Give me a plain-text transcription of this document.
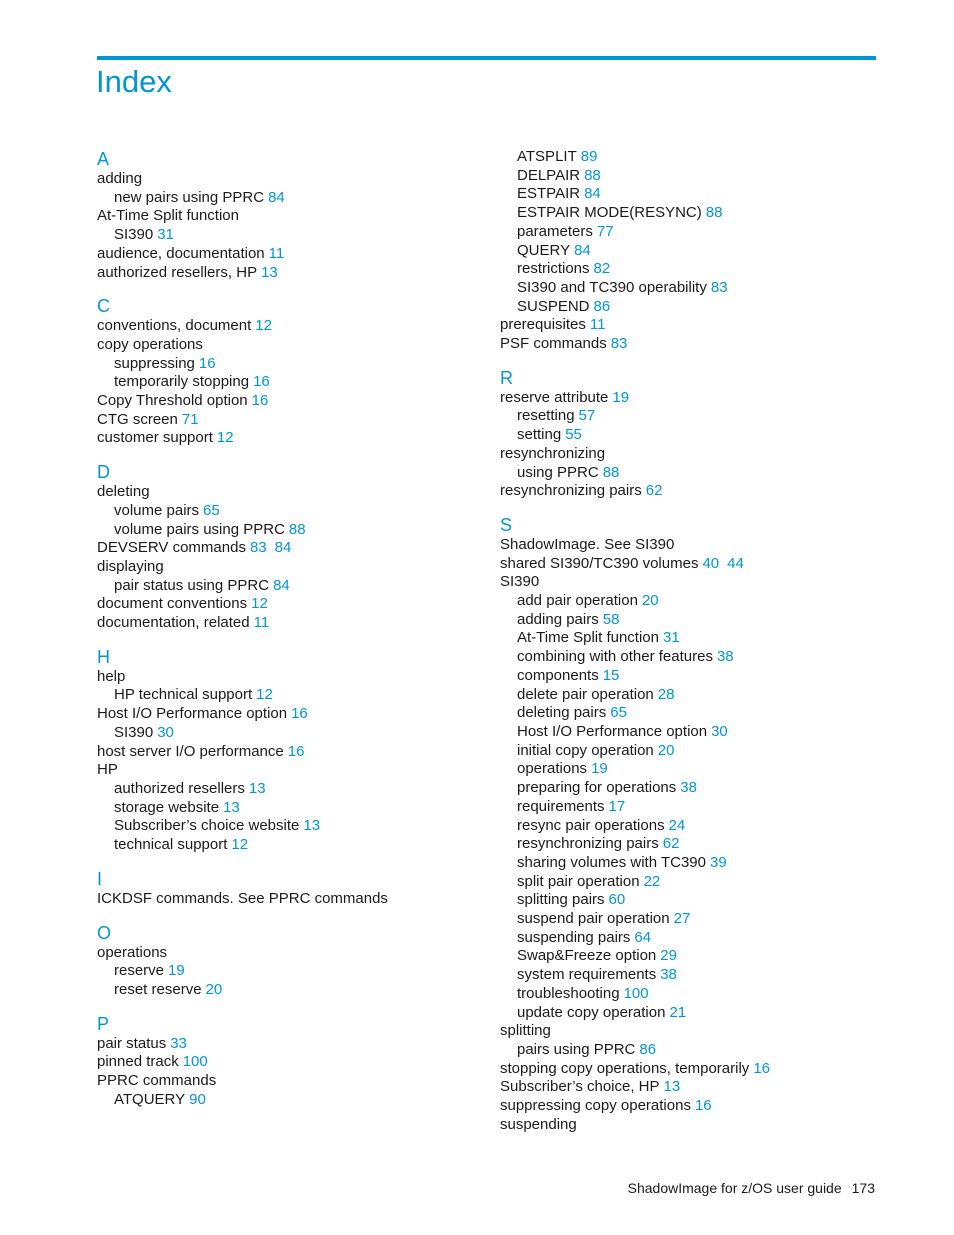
Index
A
adding
new pairs using PPRC 84
At-Time Split function
SI390 31
audience, documentation 11
authorized resellers, HP 13
C
conventions, document 12
copy operations
suppressing 16
temporarily stopping 16
Copy Threshold option 16
CTG screen 71
customer support 12
D
deleting
volume pairs 65
volume pairs using PPRC 88
DEVSERV commands 83 84
displaying
pair status using PPRC 84
document conventions 12
documentation, related 11
H
help
HP technical support 12
Host I/O Performance option 16
SI390 30
host server I/O performance 16
HP
authorized resellers 13
storage website 13
Subscriber’s choice website 13
technical support 12
I
ICKDSF commands. See PPRC commands
O
operations
reserve 19
reset reserve 20
P
pair status 33
pinned track 100
PPRC commands
ATQUERY 90
ATSPLIT 89
DELPAIR 88
ESTPAIR 84
ESTPAIR MODE(RESYNC) 88
parameters 77
QUERY 84
restrictions 82
SI390 and TC390 operability 83
SUSPEND 86
prerequisites 11
PSF commands 83
R
reserve attribute 19
resetting 57
setting 55
resynchronizing
using PPRC 88
resynchronizing pairs 62
S
ShadowImage. See SI390
shared SI390/TC390 volumes 40 44
SI390
add pair operation 20
adding pairs 58
At-Time Split function 31
combining with other features 38
components 15
delete pair operation 28
deleting pairs 65
Host I/O Performance option 30
initial copy operation 20
operations 19
preparing for operations 38
requirements 17
resync pair operations 24
resynchronizing pairs 62
sharing volumes with TC390 39
split pair operation 22
splitting pairs 60
suspend pair operation 27
suspending pairs 64
Swap&Freeze option 29
system requirements 38
troubleshooting 100
update copy operation 21
splitting
pairs using PPRC 86
stopping copy operations, temporarily 16
Subscriber’s choice, HP 13
suppressing copy operations 16
suspending
ShadowImage for z/OS user guide 173
